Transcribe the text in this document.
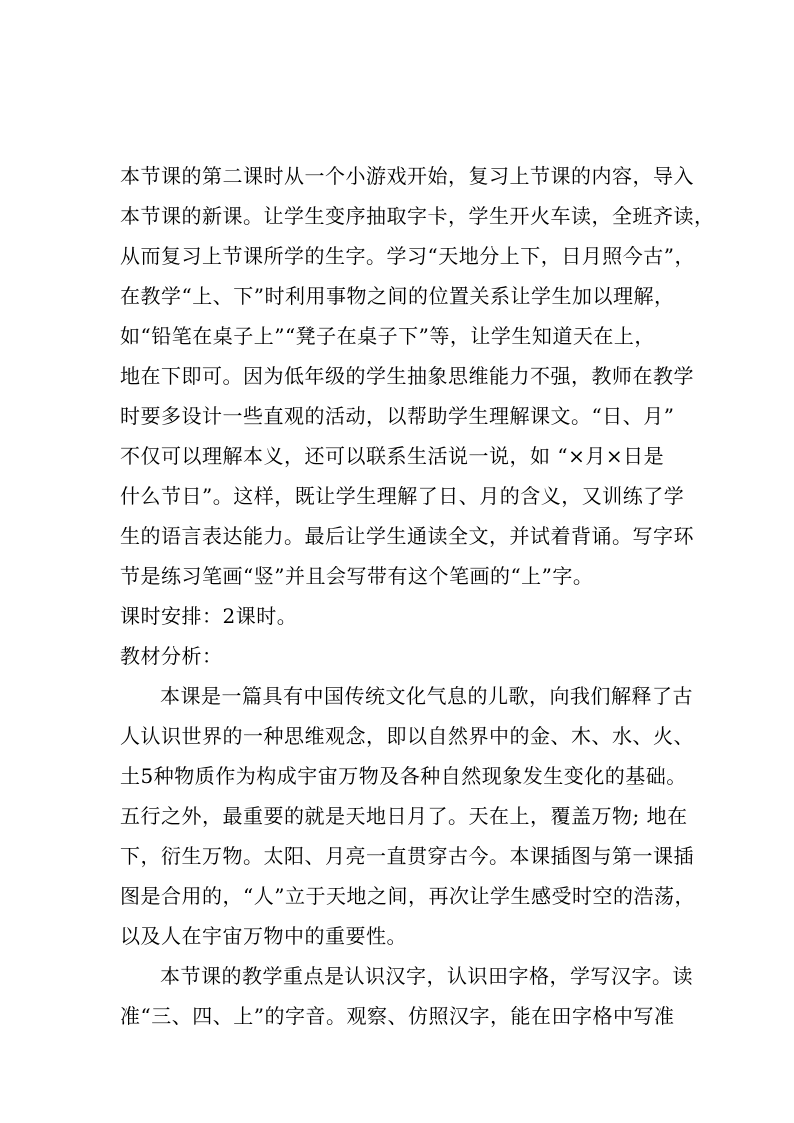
本节课的第二课时从一个小游戏开始，复习上节课的内容，导入
本节课的新课。让学生变序抽取字卡，学生开火车读，全班齐读，
从而复习上节课所学的生字。学习“天地分上下，日月照今古”，
在教学“上、下”时利用事物之间的位置关系让学生加以理解，
如“铅笔在桌子上”“凳子在桌子下”等，让学生知道天在上，
地在下即可。因为低年级的学生抽象思维能力不强，教师在教学
时要多设计一些直观的活动，以帮助学生理解课文。“日、月”
不仅可以理解本义，还可以联系生活说一说，如 “×月×日是
什么节日”。这样，既让学生理解了日、月的含义，又训练了学
生的语言表达能力。最后让学生通读全文，并试着背诵。写字环
节是练习笔画“竖”并且会写带有这个笔画的“上”字。
课时安排：2课时。
教材分析：
本课是一篇具有中国传统文化气息的儿歌，向我们解释了古
人认识世界的一种思维观念，即以自然界中的金、木、水、火、
土5种物质作为构成宇宙万物及各种自然现象发生变化的基础。
五行之外，最重要的就是天地日月了。天在上，覆盖万物; 地在
下，衍生万物。太阳、月亮一直贯穿古今。本课插图与第一课插
图是合用的，“人”立于天地之间，再次让学生感受时空的浩荡，
以及人在宇宙万物中的重要性。
本节课的教学重点是认识汉字，认识田字格，学写汉字。读
准“三、四、上”的字音。观察、仿照汉字，能在田字格中写准
